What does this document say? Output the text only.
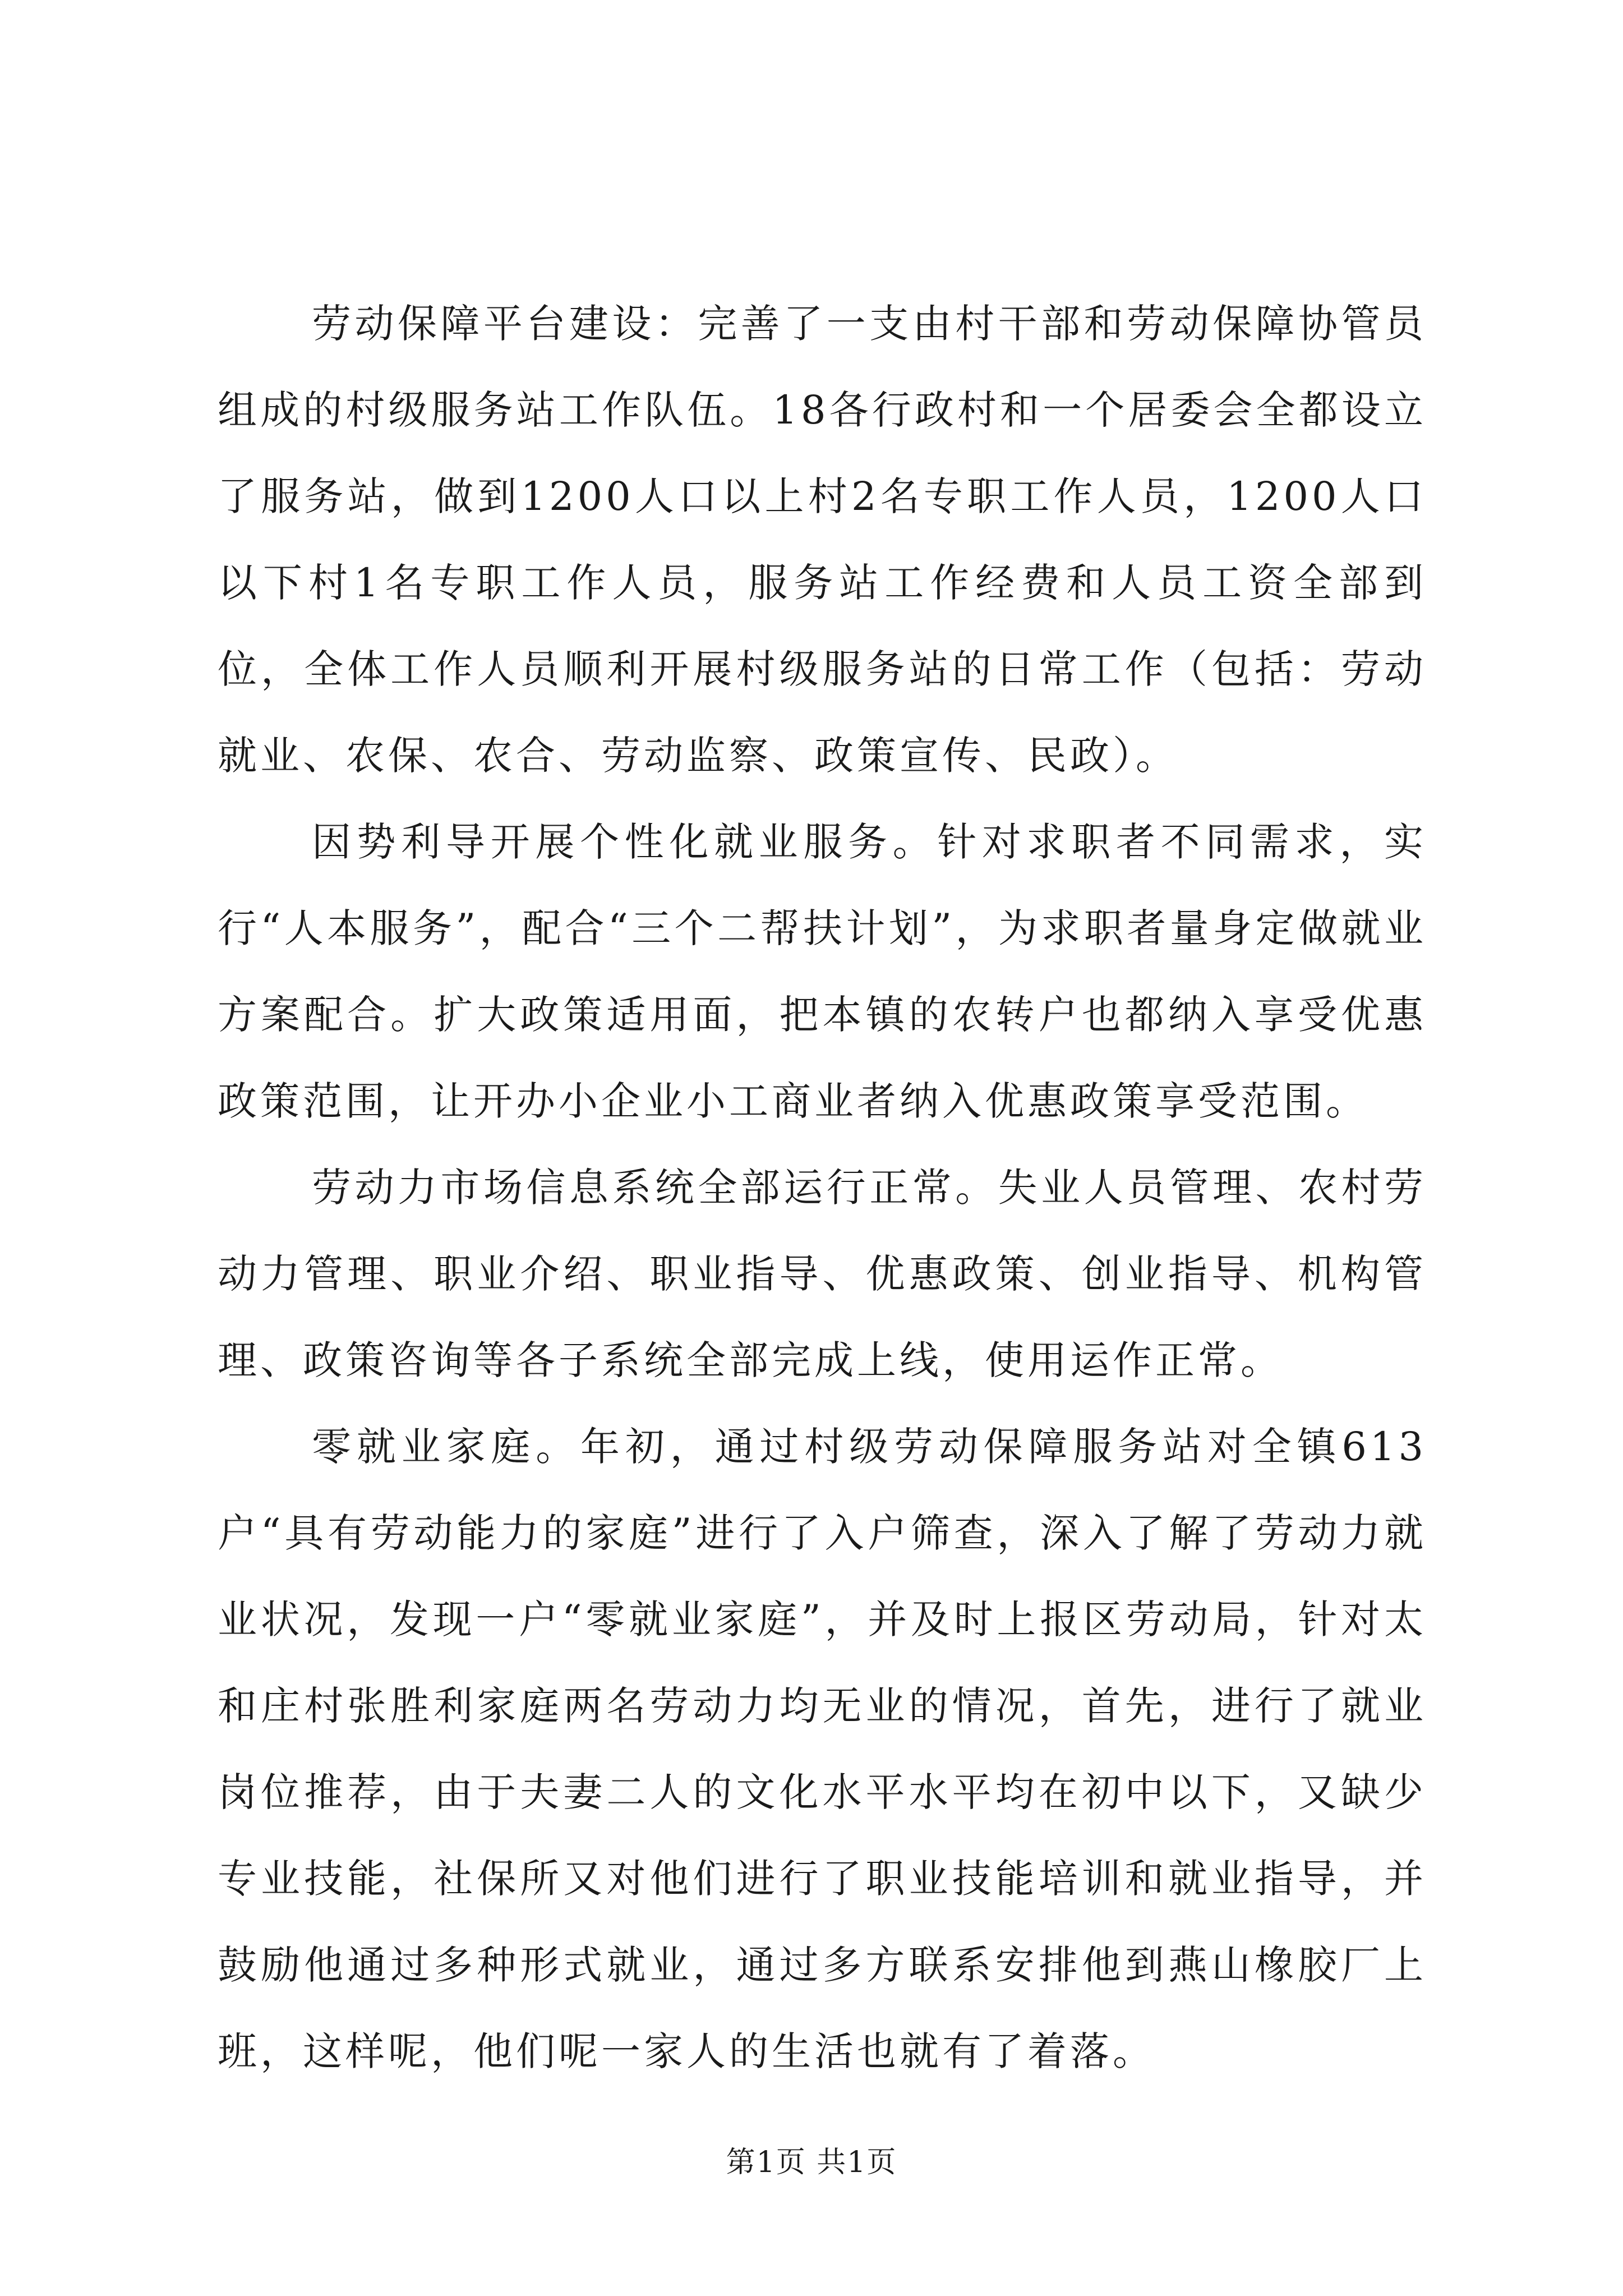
劳动保障平台建设：完善了一支由村干部和劳动保障协管员组成的村级服务站工作队伍。18各行政村和一个居委会全都设立了服务站，做到1200人口以上村2名专职工作人员，1200人口以下村1名专职工作人员，服务站工作经费和人员工资全部到位，全体工作人员顺利开展村级服务站的日常工作（包括：劳动就业、农保、农合、劳动监察、政策宣传、民政）。

因势利导开展个性化就业服务。针对求职者不同需求，实行“人本服务”，配合“三个二帮扶计划”，为求职者量身定做就业方案配合。扩大政策适用面，把本镇的农转户也都纳入享受优惠政策范围，让开办小企业小工商业者纳入优惠政策享受范围。

劳动力市场信息系统全部运行正常。失业人员管理、农村劳动力管理、职业介绍、职业指导、优惠政策、创业指导、机构管理、政策咨询等各子系统全部完成上线，使用运作正常。

零就业家庭。年初，通过村级劳动保障服务站对全镇613户“具有劳动能力的家庭”进行了入户筛查，深入了解了劳动力就业状况，发现一户“零就业家庭”，并及时上报区劳动局，针对太和庄村张胜利家庭两名劳动力均无业的情况，首先，进行了就业岗位推荐，由于夫妻二人的文化水平水平均在初中以下，又缺少专业技能，社保所又对他们进行了职业技能培训和就业指导，并鼓励他通过多种形式就业，通过多方联系安排他到燕山橡胶厂上班，这样呢，他们呢一家人的生活也就有了着落。

第1页 共1页
